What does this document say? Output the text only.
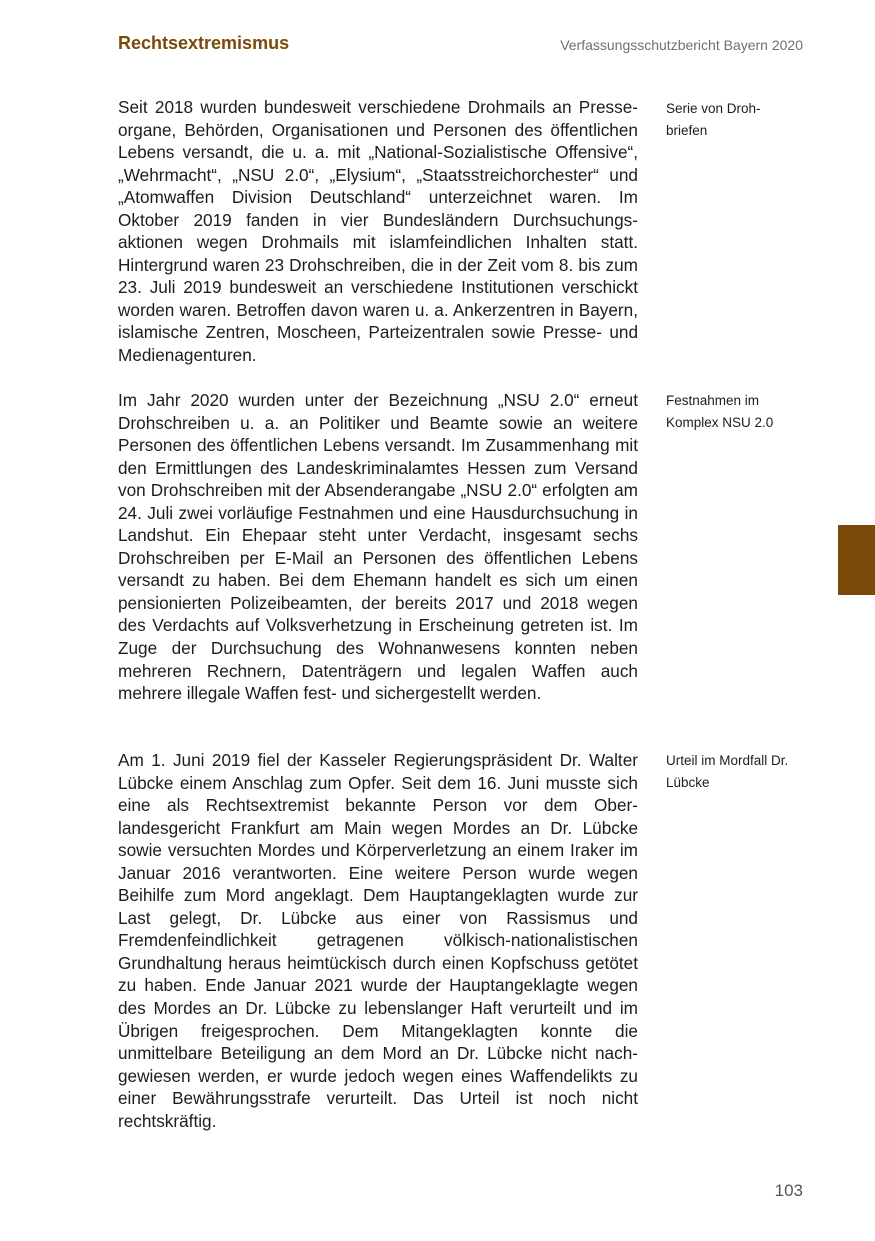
Rechtsextremismus	Verfassungsschutzbericht Bayern 2020

Seit 2018 wurden bundesweit verschiedene Drohmails an Presseorgane, Behörden, Organisationen und Personen des öffentlichen Lebens versandt, die u. a. mit „National-Sozialistische Offensive“, „Wehrmacht“, „NSU 2.0“, „Elysium“, „Staatsstreichorchester“ und „Atomwaffen Division Deutschland“ unterzeichnet waren. Im Oktober 2019 fanden in vier Bundesländern Durchsuchungsaktionen wegen Drohmails mit islamfeindlichen Inhalten statt. Hintergrund waren 23 Drohschreiben, die in der Zeit vom 8. bis zum 23. Juli 2019 bundesweit an verschiedene Institutionen verschickt worden waren. Betroffen davon waren u. a. Ankerzentren in Bayern, islamische Zentren, Moscheen, Parteizentralen sowie Presse- und Medienagenturen.

Serie von Drohbriefen

Im Jahr 2020 wurden unter der Bezeichnung „NSU 2.0“ erneut Drohschreiben u. a. an Politiker und Beamte sowie an weitere Personen des öffentlichen Lebens versandt. Im Zusammenhang mit den Ermittlungen des Landeskriminalamtes Hessen zum Versand von Drohschreiben mit der Absenderangabe „NSU 2.0“ erfolgten am 24. Juli zwei vorläufige Festnahmen und eine Hausdurchsuchung in Landshut. Ein Ehepaar steht unter Verdacht, insgesamt sechs Drohschreiben per E-Mail an Personen des öffentlichen Lebens versandt zu haben. Bei dem Ehemann handelt es sich um einen pensionierten Polizeibeamten, der bereits 2017 und 2018 wegen des Verdachts auf Volksverhetzung in Erscheinung getreten ist. Im Zuge der Durchsuchung des Wohnanwesens konnten neben mehreren Rechnern, Datenträgern und legalen Waffen auch mehrere illegale Waffen fest- und sichergestellt werden.

Festnahmen im Komplex NSU 2.0

Am 1. Juni 2019 fiel der Kasseler Regierungspräsident Dr. Walter Lübcke einem Anschlag zum Opfer. Seit dem 16. Juni musste sich eine als Rechtsextremist bekannte Person vor dem Oberlandesgericht Frankfurt am Main wegen Mordes an Dr. Lübcke sowie versuchten Mordes und Körperverletzung an einem Iraker im Januar 2016 verantworten. Eine weitere Person wurde wegen Beihilfe zum Mord angeklagt. Dem Hauptangeklagten wurde zur Last gelegt, Dr. Lübcke aus einer von Rassismus und Fremdenfeindlichkeit getragenen völkisch-nationalistischen Grundhaltung heraus heimtückisch durch einen Kopfschuss getötet zu haben. Ende Januar 2021 wurde der Hauptangeklagte wegen des Mordes an Dr. Lübcke zu lebenslanger Haft verurteilt und im Übrigen freigesprochen. Dem Mitangeklagten konnte die unmittelbare Beteiligung an dem Mord an Dr. Lübcke nicht nachgewiesen werden, er wurde jedoch wegen eines Waffendelikts zu einer Bewährungsstrafe verurteilt. Das Urteil ist noch nicht rechtskräftig.

Urteil im Mordfall Dr. Lübcke
103
